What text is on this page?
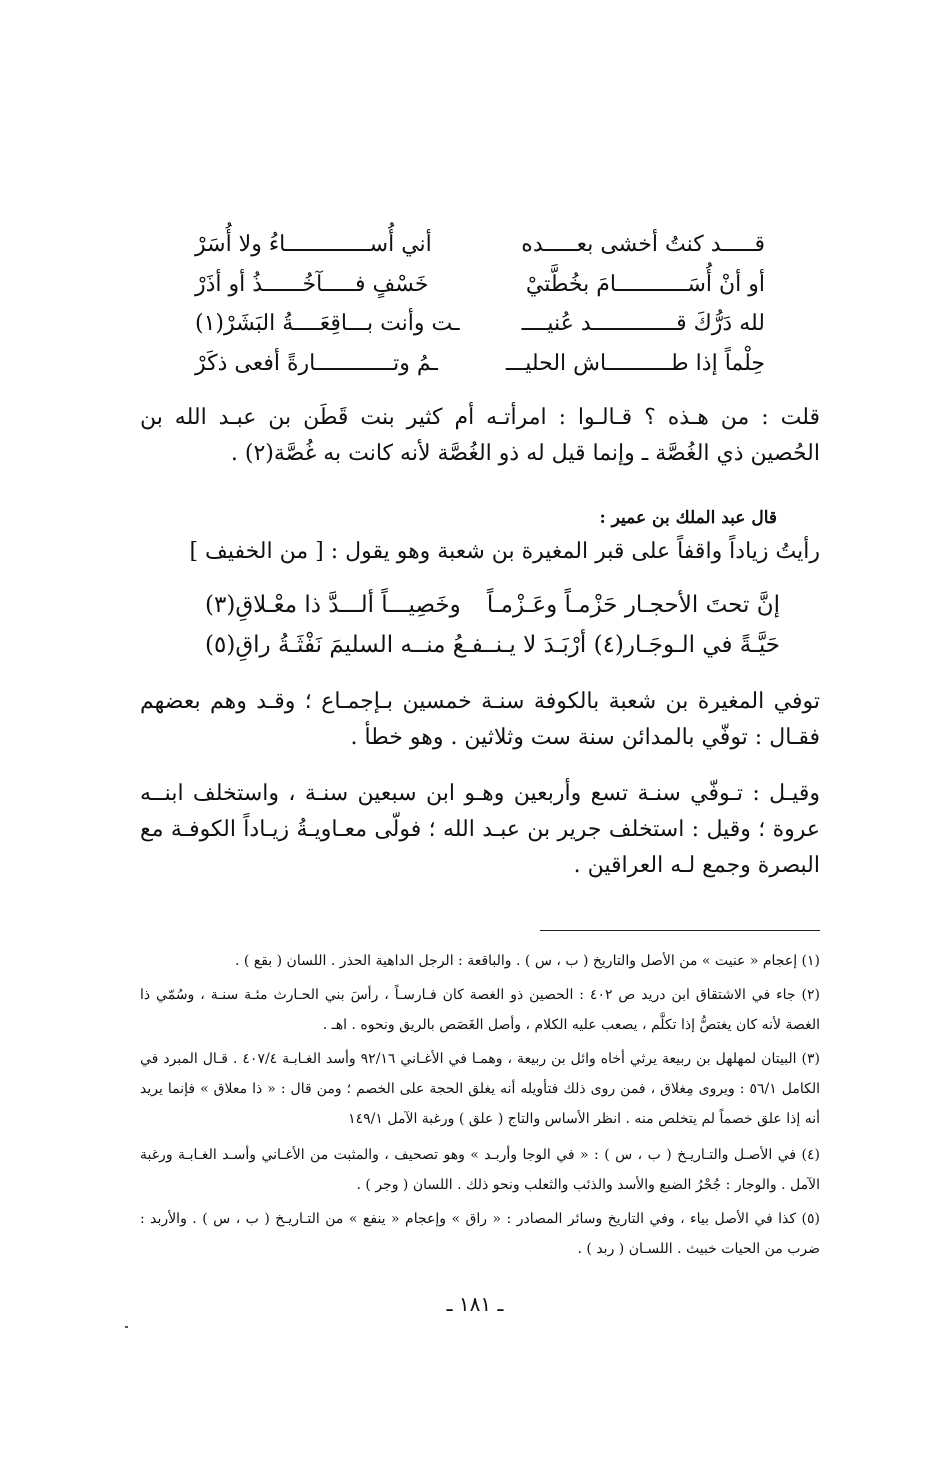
قـــــد كنتُ أخشى بعـــــده
أني أُســـــــــــــاءُ ولا أُسَرْ
أو أنْ أُسَـــــــــــامَ بخُطَّتيْ
خَسْفٍ فـــــآخُــــــذُ أو أذَرْ
لله دَرُّكَ قـــــــــــــد عُنيــــ
ـت وأنت بـــاقِعَــــةُ البَشَرْ(١)
حِلْماً إذا طــــــــــاش الحليـــ
ـمُ وتــــــــــــارةً أفعى ذكَرْ
قلت : من هـذه ؟ قـالـوا : امرأتـه أم كثير بنت قَطَن بن عبـد الله بن الحُصين ذي الغُصَّة ـ وإنما قيل له ذو الغُصَّة لأنه كانت به غُصَّة(٢) .
قال عبد الملك بن عمير :
رأيتُ زياداً واقفاً على قبر المغيرة بن شعبة وهو يقول : [ من الخفيف ]
إنَّ تحتَ الأحجـار حَزْمـاً وعَـزْمـاً
وخَصِيـــاً ألـــدَّ ذا معْـلاقِ(٣)
حَيَّـةً في الـوجَـار(٤) أرْبَـدَ لا يـنـ
ـفـعُ منــه السليمَ نَفْثَـةُ راقِ(٥)
توفي المغيرة بن شعبة بالكوفة سنـة خمسين بـإجمـاع ؛ وقـد وهم بعضهم فقـال : توفّي بالمدائن سنة ست وثلاثين . وهو خطأ .
وقيـل : تـوفّي سنـة تسع وأربعين وهـو ابن سبعين سنـة ، واستخلف ابنــه عروة ؛ وقيل : استخلف جرير بن عبـد الله ؛ فولّى معـاويـةُ زيـاداً الكوفـة مع البصرة وجمع لـه العراقين .
(١) إعجام « عنيت » من الأصل والتاريخ ( ب ، س ) . والباقعة : الرجل الداهية الحذر . اللسان ( بقع ) .
(٢) جاء في الاشتقاق ابن دريد ص ٤٠٢ : الحصين ذو الغصة كان فـارسـاً ، رأسَ بني الحـارث مئـة سنـة ، وسُمّي ذا الغصة لأنه كان يغتصُّ إذا تكلَّم ، يصعب عليه الكلام ، وأصل الغَصَص بالريق ونحوه . اهـ .
(٣) البيتان لمهلهل بن ربيعة يرثي أخاه وائل بن ربيعة ، وهمـا في الأغـاني ٩٢/١٦ وأسد الغـابـة ٤٠٧/٤ . قـال المبرد في الكامل ٥٦/١ : ويروى مِغلاق ، فمن روى ذلك فتأويله أنه يغلق الحجة على الخصم ؛ ومن قال : « ذا معلاق » فإنما يريد أنه إذا علق خصماً لم يتخلص منه . انظر الأساس والتاج ( علق ) ورغبة الآمل ١٤٩/١
(٤) في الأصـل والتـاريـخ ( ب ، س ) : « في الوجا وأربـد » وهو تصحيف ، والمثبت من الأغـاني وأسـد الغـابـة ورغبة الآمل . والوجار : جُحْرُ الضبع والأسد والذئب والثعلب ونحو ذلك . اللسان ( وجر ) .
(٥) كذا في الأصل بياء ، وفي التاريخ وسائر المصادر : « راق » وإعجام « ينفع » من التـاريـخ ( ب ، س ) . والأربد : ضرب من الحيات خبيث . اللسـان ( ربد ) .
ـ ١٨١ ـ
